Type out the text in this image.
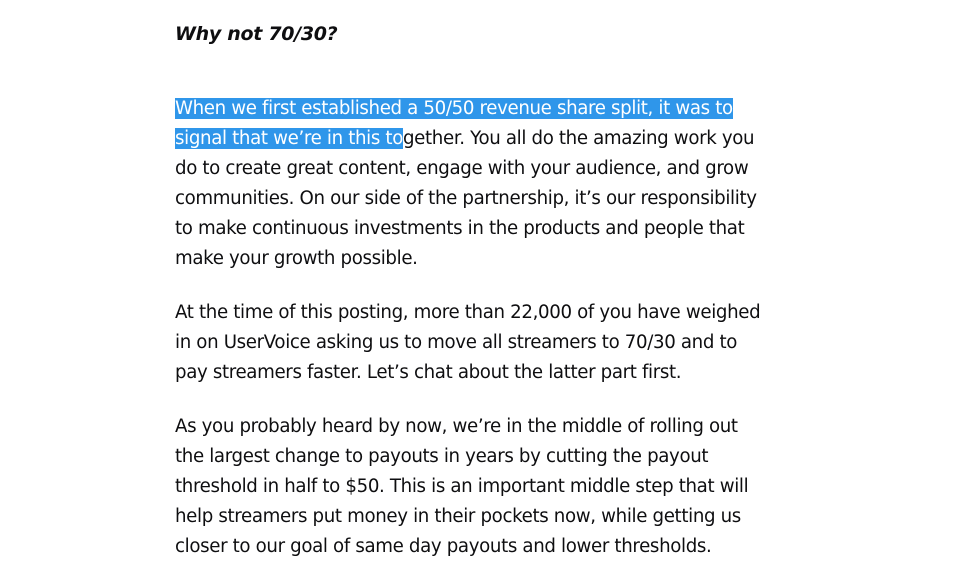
Why not 70/30?

When we first established a 50/50 revenue share split, it was to
signal that we’re in this together. You all do the amazing work you
do to create great content, engage with your audience, and grow
communities. On our side of the partnership, it’s our responsibility
to make continuous investments in the products and people that
make your growth possible.

At the time of this posting, more than 22,000 of you have weighed
in on UserVoice asking us to move all streamers to 70/30 and to
pay streamers faster. Let’s chat about the latter part first.

As you probably heard by now, we’re in the middle of rolling out
the largest change to payouts in years by cutting the payout
threshold in half to $50. This is an important middle step that will
help streamers put money in their pockets now, while getting us
closer to our goal of same day payouts and lower thresholds.
